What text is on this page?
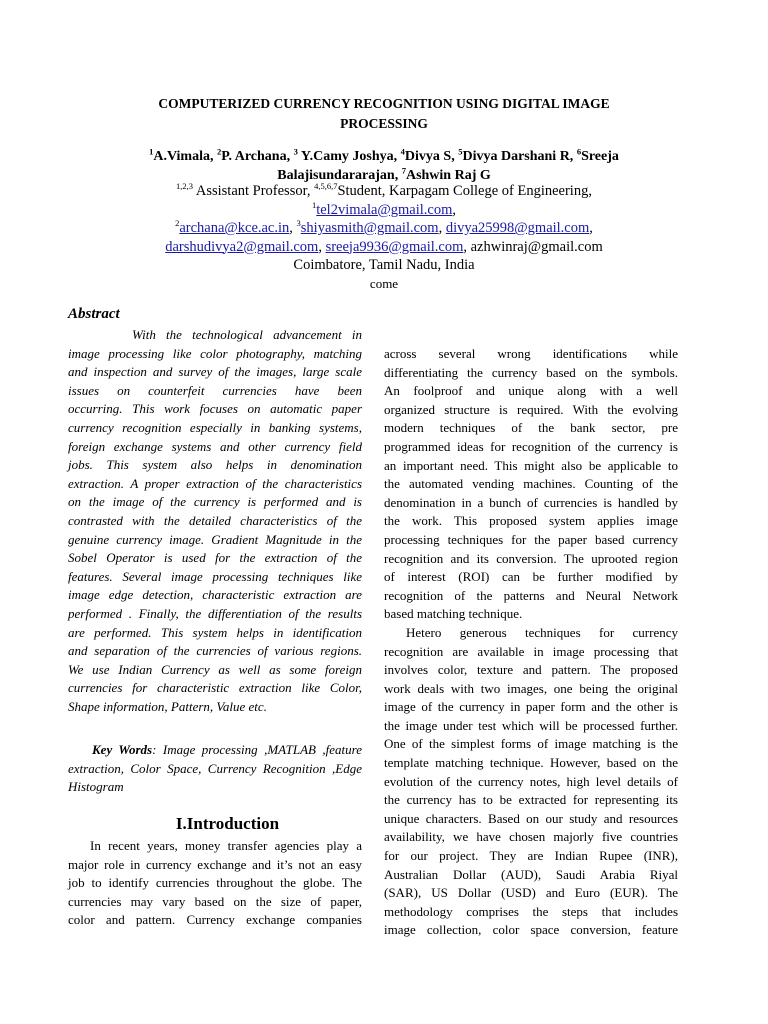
COMPUTERIZED CURRENCY RECOGNITION USING DIGITAL IMAGE
PROCESSING
$^1$A.Vimala, $^2$P. Archana, $^3$ Y.Camy Joshya, $^4$Divya S, $^5$Divya Darshani R, $^6$Sreeja
Balajisundararajan, $^7$Ashwin Raj G
$^{1,2,3}$ Assistant Professor, $^{4,5,6,7}$Student, Karpagam College of Engineering,
$^1$tel2vimala@gmail.com,
$^2$archana@kce.ac.in, $^3$shiyasmith@gmail.com, divya25998@gmail.com,
darshudivya2@gmail.com, sreeja9936@gmail.com, azhwinraj@gmail.com
Coimbatore, Tamil Nadu, India
come
Abstract
With the technological advancement in
image processing like color photography, matching
and inspection and survey of the images, large scale
issues on counterfeit currencies have been
occurring. This work focuses on automatic paper
currency recognition especially in banking systems,
foreign exchange systems and other currency field
jobs. This system also helps in denomination
extraction. A proper extraction of the characteristics
on the image of the currency is performed and is
contrasted with the detailed characteristics of the
genuine currency image. Gradient Magnitude in the
Sobel Operator is used for the extraction of the
features. Several image processing techniques like
image edge detection, characteristic extraction are
performed . Finally, the differentiation of the results
are performed. This system helps in identification
and separation of the currencies of various regions.
We use Indian Currency as well as some foreign
currencies for characteristic extraction like Color,
Shape information, Pattern, Value etc.
Key Words: Image processing ,MATLAB ,feature
extraction, Color Space, Currency Recognition ,Edge
Histogram
I.Introduction
In recent years, money transfer agencies play a
major role in currency exchange and it’s not an easy
job to identify currencies throughout the globe. The
currencies may vary based on the size of paper,
color and pattern. Currency exchange companies
across several wrong identifications while
differentiating the currency based on the symbols.
An foolproof and unique along with a well
organized structure is required. With the evolving
modern techniques of the bank sector, pre
programmed ideas for recognition of the currency is
an important need. This might also be applicable to
the automated vending machines. Counting of the
denomination in a bunch of currencies is handled by
the work. This proposed system applies image
processing techniques for the paper based currency
recognition and its conversion. The uprooted region
of interest (ROI) can be further modified by
recognition of the patterns and Neural Network
based matching technique.
Hetero generous techniques for currency
recognition are available in image processing that
involves color, texture and pattern. The proposed
work deals with two images, one being the original
image of the currency in paper form and the other is
the image under test which will be processed further.
One of the simplest forms of image matching is the
template matching technique. However, based on the
evolution of the currency notes, high level details of
the currency has to be extracted for representing its
unique characters. Based on our study and resources
availability, we have chosen majorly five countries
for our project. They are Indian Rupee (INR),
Australian Dollar (AUD), Saudi Arabia Riyal
(SAR), US Dollar (USD) and Euro (EUR). The
methodology comprises the steps that includes
image collection, color space conversion, feature
